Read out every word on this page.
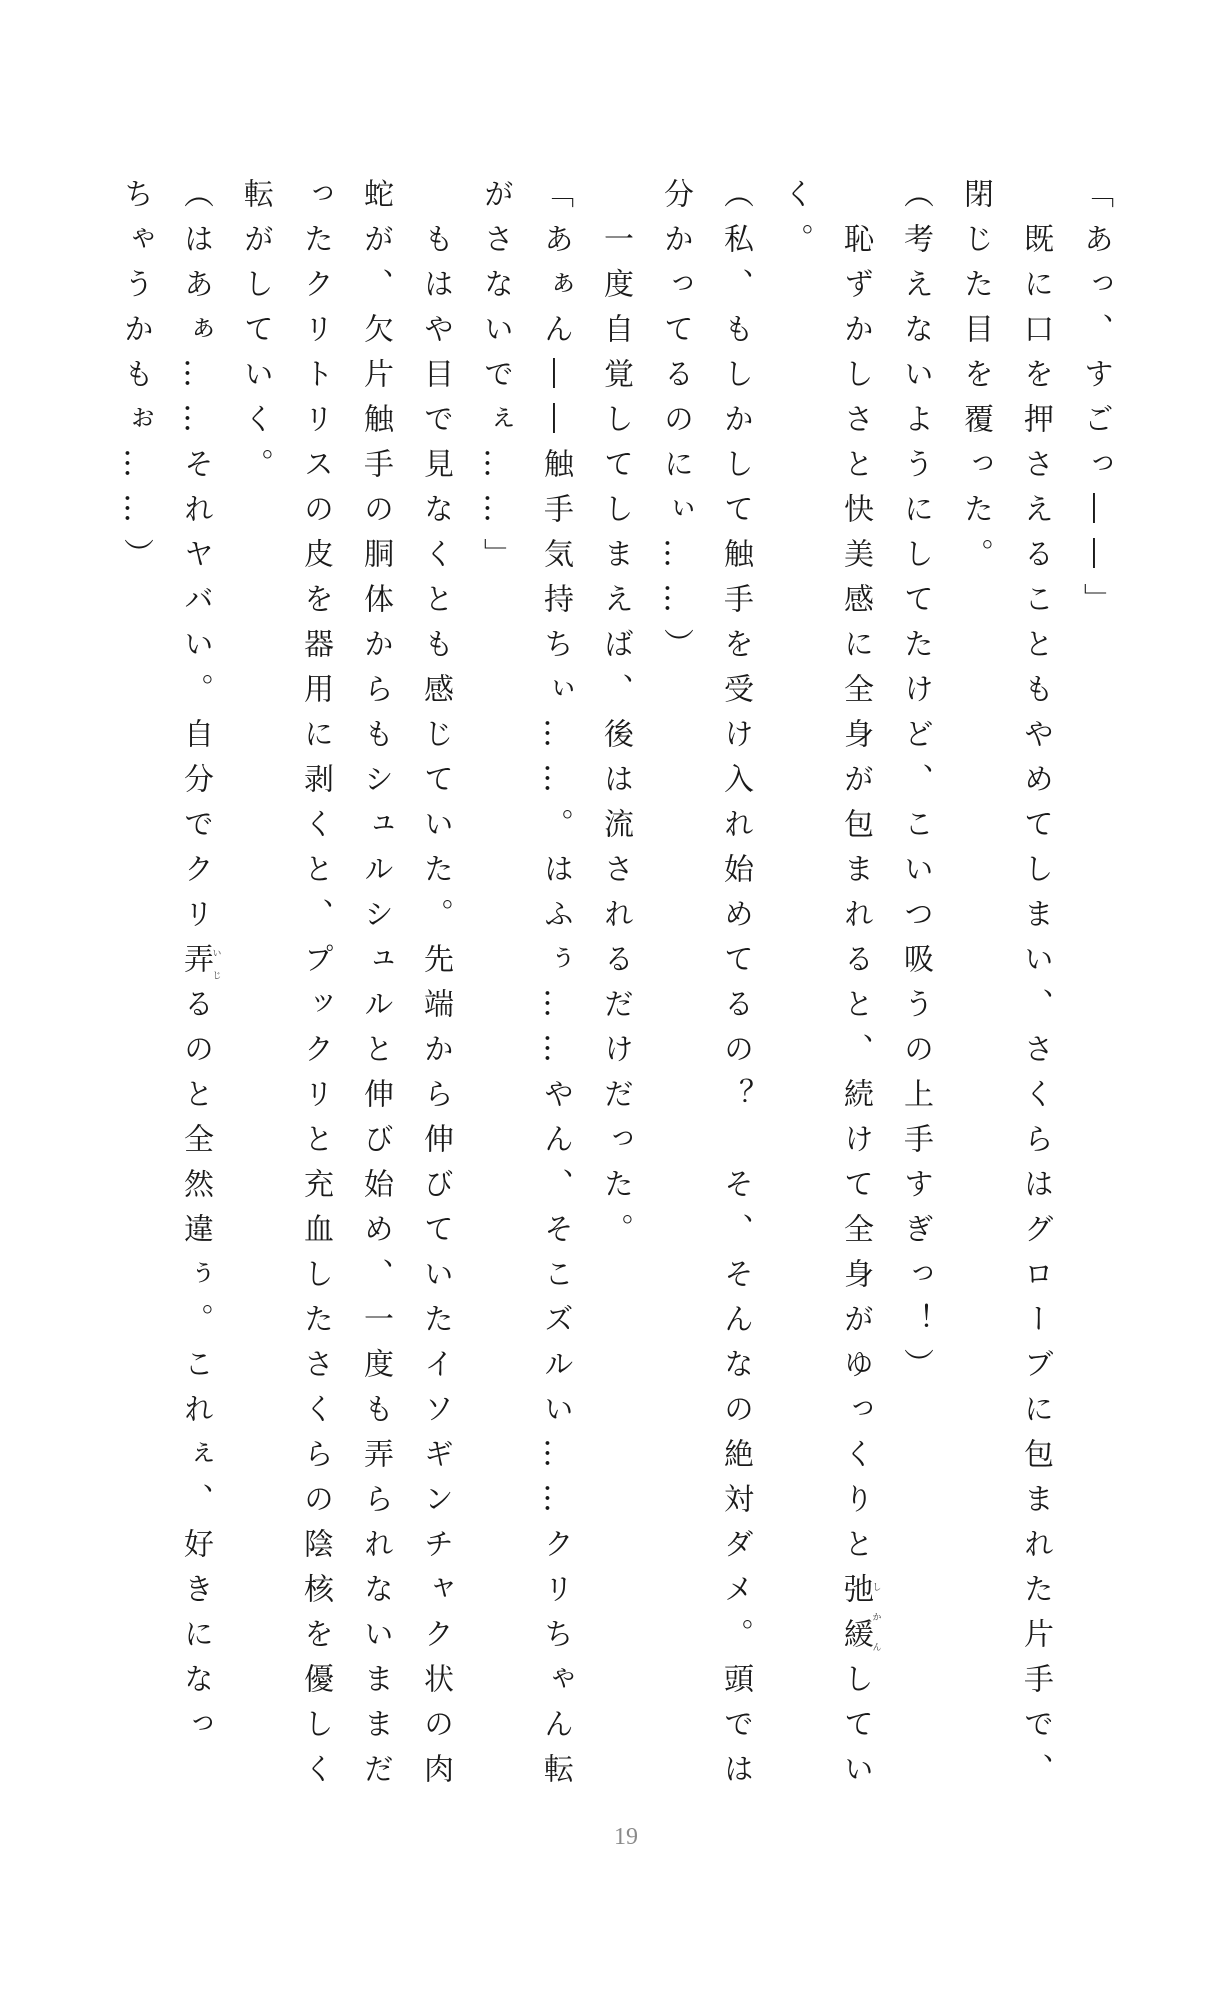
「あっ、すごっ――」
　既に口を押さえることもやめてしまい、さくらはグローブに包まれた片手で、
閉じた目を覆った。
（考えないようにしてたけど、こいつ吸うの上手すぎっ！）
　恥ずかしさと快美感に全身が包まれると、続けて全身がゆっくりと弛緩しかんしてい
く。
（私、もしかして触手を受け入れ始めてるの？　そ、そんなの絶対ダメ。頭では
分かってるのにぃ……）
　一度自覚してしまえば、後は流されるだけだった。
「あぁん――触手気持ちぃ……。はふぅ……やん、そこズルい……クリちゃん転
がさないでぇ……」
　もはや目で見なくとも感じていた。先端から伸びていたイソギンチャク状の肉
蛇が、欠片触手の胴体からもシュルシュルと伸び始め、一度も弄られないままだ
ったクリトリスの皮を器用に剥くと、プックリと充血したさくらの陰核を優しく
転がしていく。
（はあぁ……それヤバい。自分でクリ弄いじるのと全然違ぅ。これぇ、好きになっ
ちゃうかもぉ……）
19
